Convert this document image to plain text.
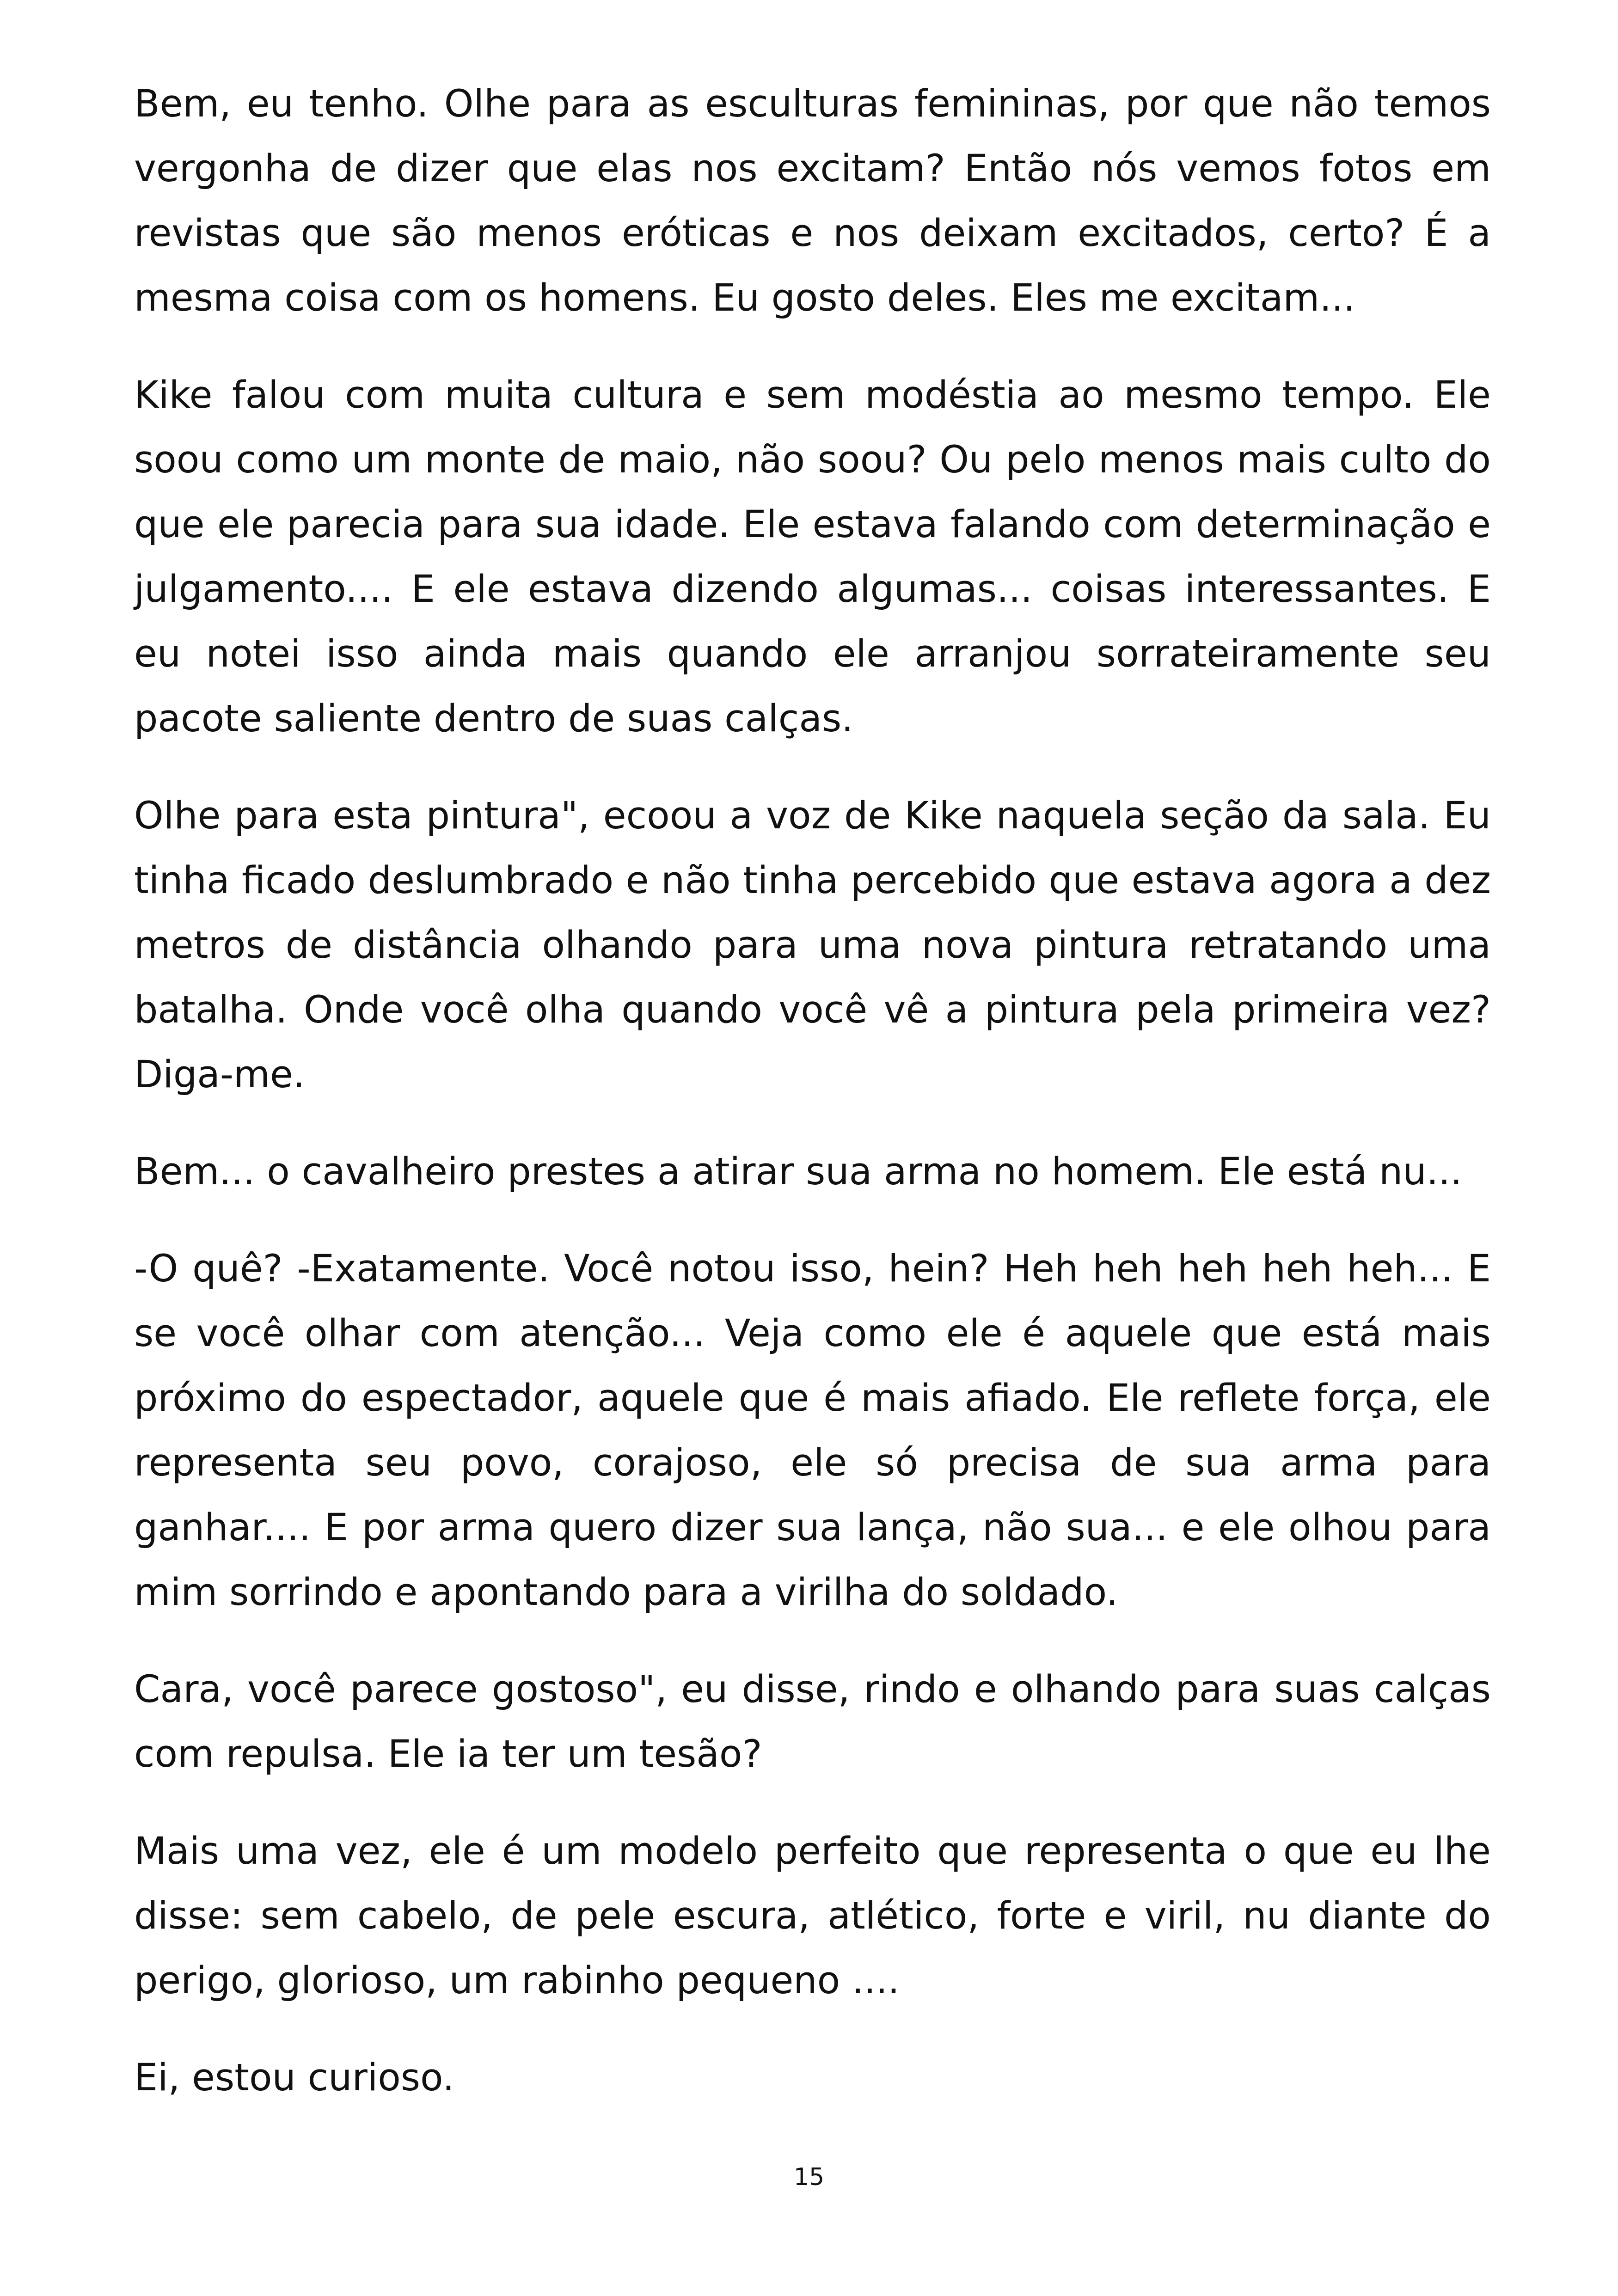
Bem, eu tenho. Olhe para as esculturas femininas, por que não temos vergonha de dizer que elas nos excitam? Então nós vemos fotos em revistas que são menos eróticas e nos deixam excitados, certo? É a mesma coisa com os homens. Eu gosto deles. Eles me excitam...

Kike falou com muita cultura e sem modéstia ao mesmo tempo. Ele soou como um monte de maio, não soou? Ou pelo menos mais culto do que ele parecia para sua idade. Ele estava falando com determinação e julgamento.... E ele estava dizendo algumas... coisas interessantes. E eu notei isso ainda mais quando ele arranjou sorrateiramente seu pacote saliente dentro de suas calças.

Olhe para esta pintura", ecoou a voz de Kike naquela seção da sala. Eu tinha ficado deslumbrado e não tinha percebido que estava agora a dez metros de distância olhando para uma nova pintura retratando uma batalha. Onde você olha quando você vê a pintura pela primeira vez? Diga-me.

Bem... o cavalheiro prestes a atirar sua arma no homem. Ele está nu...

-O quê? -Exatamente. Você notou isso, hein? Heh heh heh heh heh... E se você olhar com atenção... Veja como ele é aquele que está mais próximo do espectador, aquele que é mais afiado. Ele reflete força, ele representa seu povo, corajoso, ele só precisa de sua arma para ganhar.... E por arma quero dizer sua lança, não sua... e ele olhou para mim sorrindo e apontando para a virilha do soldado.

Cara, você parece gostoso", eu disse, rindo e olhando para suas calças com repulsa. Ele ia ter um tesão?

Mais uma vez, ele é um modelo perfeito que representa o que eu lhe disse: sem cabelo, de pele escura, atlético, forte e viril, nu diante do perigo, glorioso, um rabinho pequeno ....

Ei, estou curioso.

15
